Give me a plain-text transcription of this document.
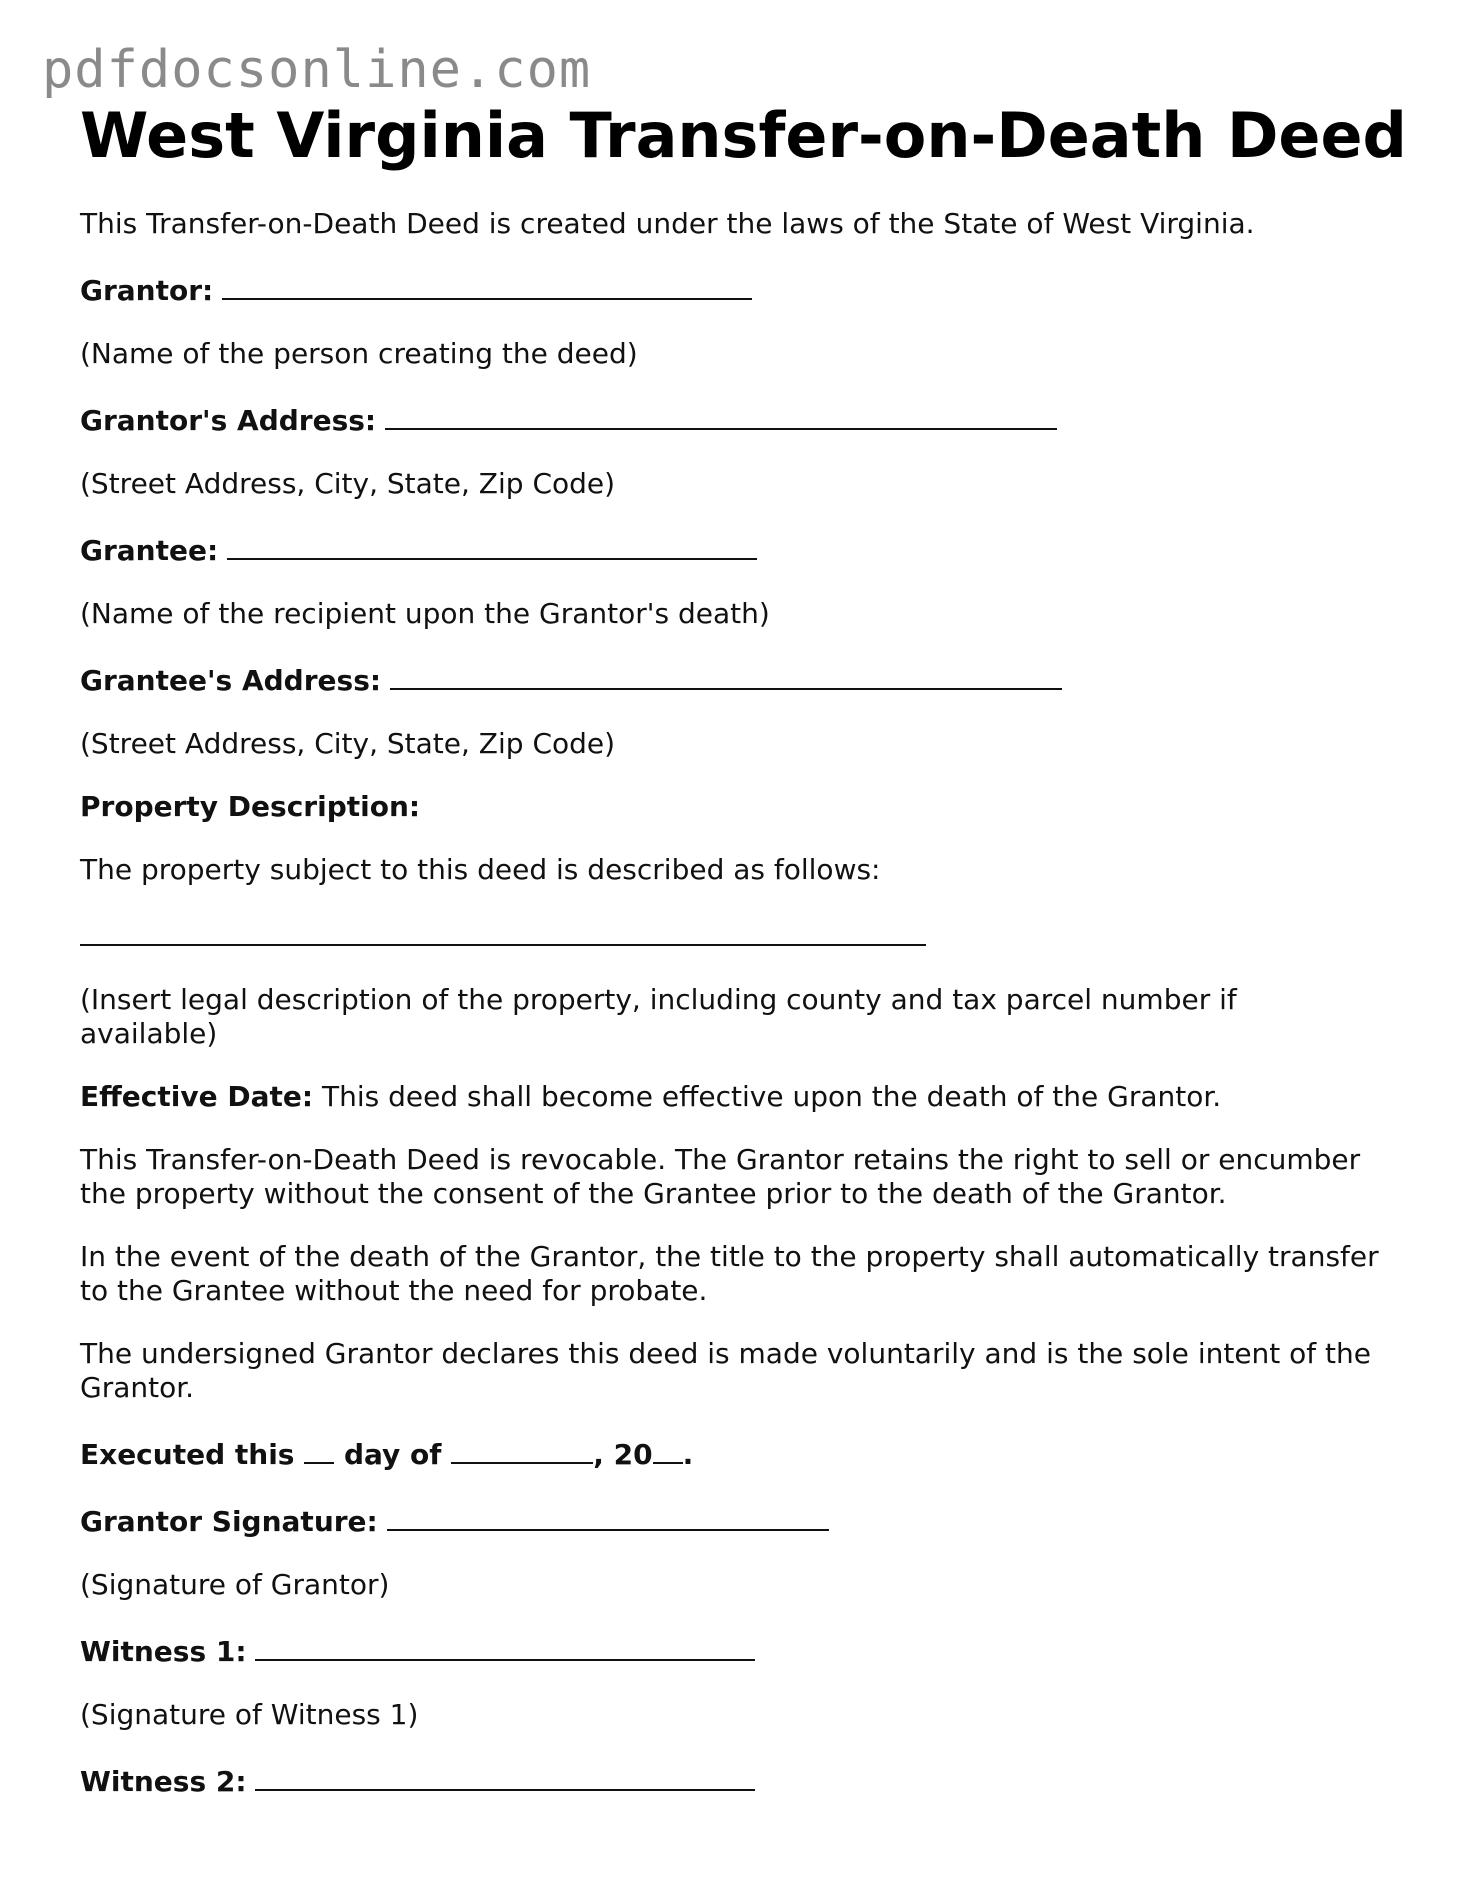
pdfdocsonline.com
West Virginia Transfer-on-Death Deed

This Transfer-on-Death Deed is created under the laws of the State of West Virginia.

Grantor:

(Name of the person creating the deed)

Grantor's Address:

(Street Address, City, State, Zip Code)

Grantee:

(Name of the recipient upon the Grantor's death)

Grantee's Address:

(Street Address, City, State, Zip Code)

Property Description:

The property subject to this deed is described as follows:

(Insert legal description of the property, including county and tax parcel number if available)

Effective Date: This deed shall become effective upon the death of the Grantor.

This Transfer-on-Death Deed is revocable. The Grantor retains the right to sell or encumber the property without the consent of the Grantee prior to the death of the Grantor.

In the event of the death of the Grantor, the title to the property shall automatically transfer to the Grantee without the need for probate.

The undersigned Grantor declares this deed is made voluntarily and is the sole intent of the Grantor.

Executed this  day of	, 20 .

Grantor Signature:

(Signature of Grantor)

Witness 1:

(Signature of Witness 1)

Witness 2:
